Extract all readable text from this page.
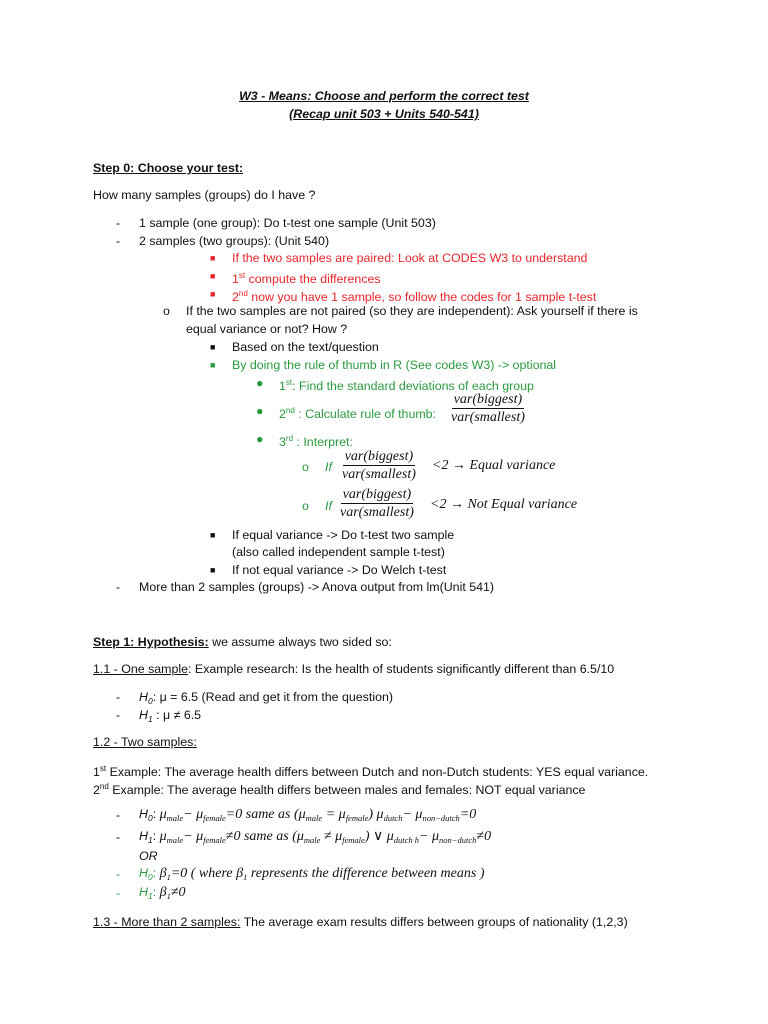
W3 - Means: Choose and perform the correct test
(Recap unit 503 + Units 540-541)
Step 0: Choose your test:
How many samples (groups) do I have ?
- 1 sample (one group): Do t-test one sample (Unit 503)
- 2 samples (two groups): (Unit 540)
■ If the two samples are paired: Look at CODES W3 to understand
■ 1st compute the differences
■ 2nd now you have 1 sample, so follow the codes for 1 sample t-test
o If the two samples are not paired (so they are independent): Ask yourself if there is
equal variance or not? How ?
■ Based on the text/question
■ By doing the rule of thumb in R (See codes W3) -> optional
● 1st: Find the standard deviations of each group
● 2nd : Calculate rule of thumb:
var(biggest)
var(smallest)
● 3rd : Interpret:
o If
var(biggest)
var(smallest)
<2 → Equal variance
o If
var(biggest)
var(smallest)
<2 → Not Equal variance
■ If equal variance -> Do t-test two sample
(also called independent sample t-test)
■ If not equal variance -> Do Welch t-test
- More than 2 samples (groups) -> Anova output from lm(Unit 541)
Step 1: Hypothesis: we assume always two sided so:
1.1 - One sample: Example research: Is the health of students significantly different than 6.5/10
- $H_0$: μ = 6.5 (Read and get it from the question)
- $H_1$ : μ ≠ 6.5
1.2 - Two samples:
1st Example: The average health differs between Dutch and non-Dutch students: YES equal variance.
2nd Example: The average health differs between males and females: NOT equal variance
- $H_0$: $\mu_{male}- \mu_{female}=0$ same as $(\mu_{male} = \mu_{female})$ $\mu_{dutch}- \mu_{non-dutch}=0$
- $H_1$: $\mu_{male}- \mu_{female}\ne 0$ same as $(\mu_{male} \ne \mu_{female})$ ∨ $\mu_{dutch h}- \mu_{non-dutch}\ne 0$
OR
- $H_0$: $\beta_1=0$ ( where $\beta_1$ represents the difference between means )
- $H_1$: $\beta_1\ne 0$
1.3 - More than 2 samples: The average exam results differs between groups of nationality (1,2,3)
